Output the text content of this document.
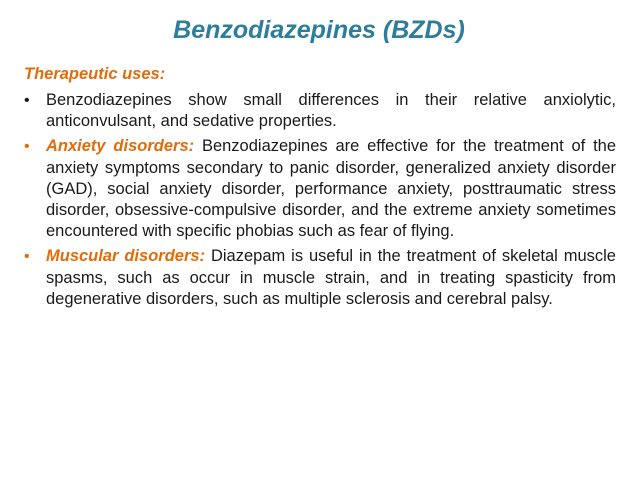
Benzodiazepines (BZDs)
Therapeutic uses:
• Benzodiazepines show small differences in their relative anxiolytic, anticonvulsant, and sedative properties.
• Anxiety disorders: Benzodiazepines are effective for the treatment of the anxiety symptoms secondary to panic disorder, generalized anxiety disorder (GAD), social anxiety disorder, performance anxiety, posttraumatic stress disorder, obsessive-compulsive disorder, and the extreme anxiety sometimes encountered with specific phobias such as fear of flying.
• Muscular disorders: Diazepam is useful in the treatment of skeletal muscle spasms, such as occur in muscle strain, and in treating spasticity from degenerative disorders, such as multiple sclerosis and cerebral palsy.
